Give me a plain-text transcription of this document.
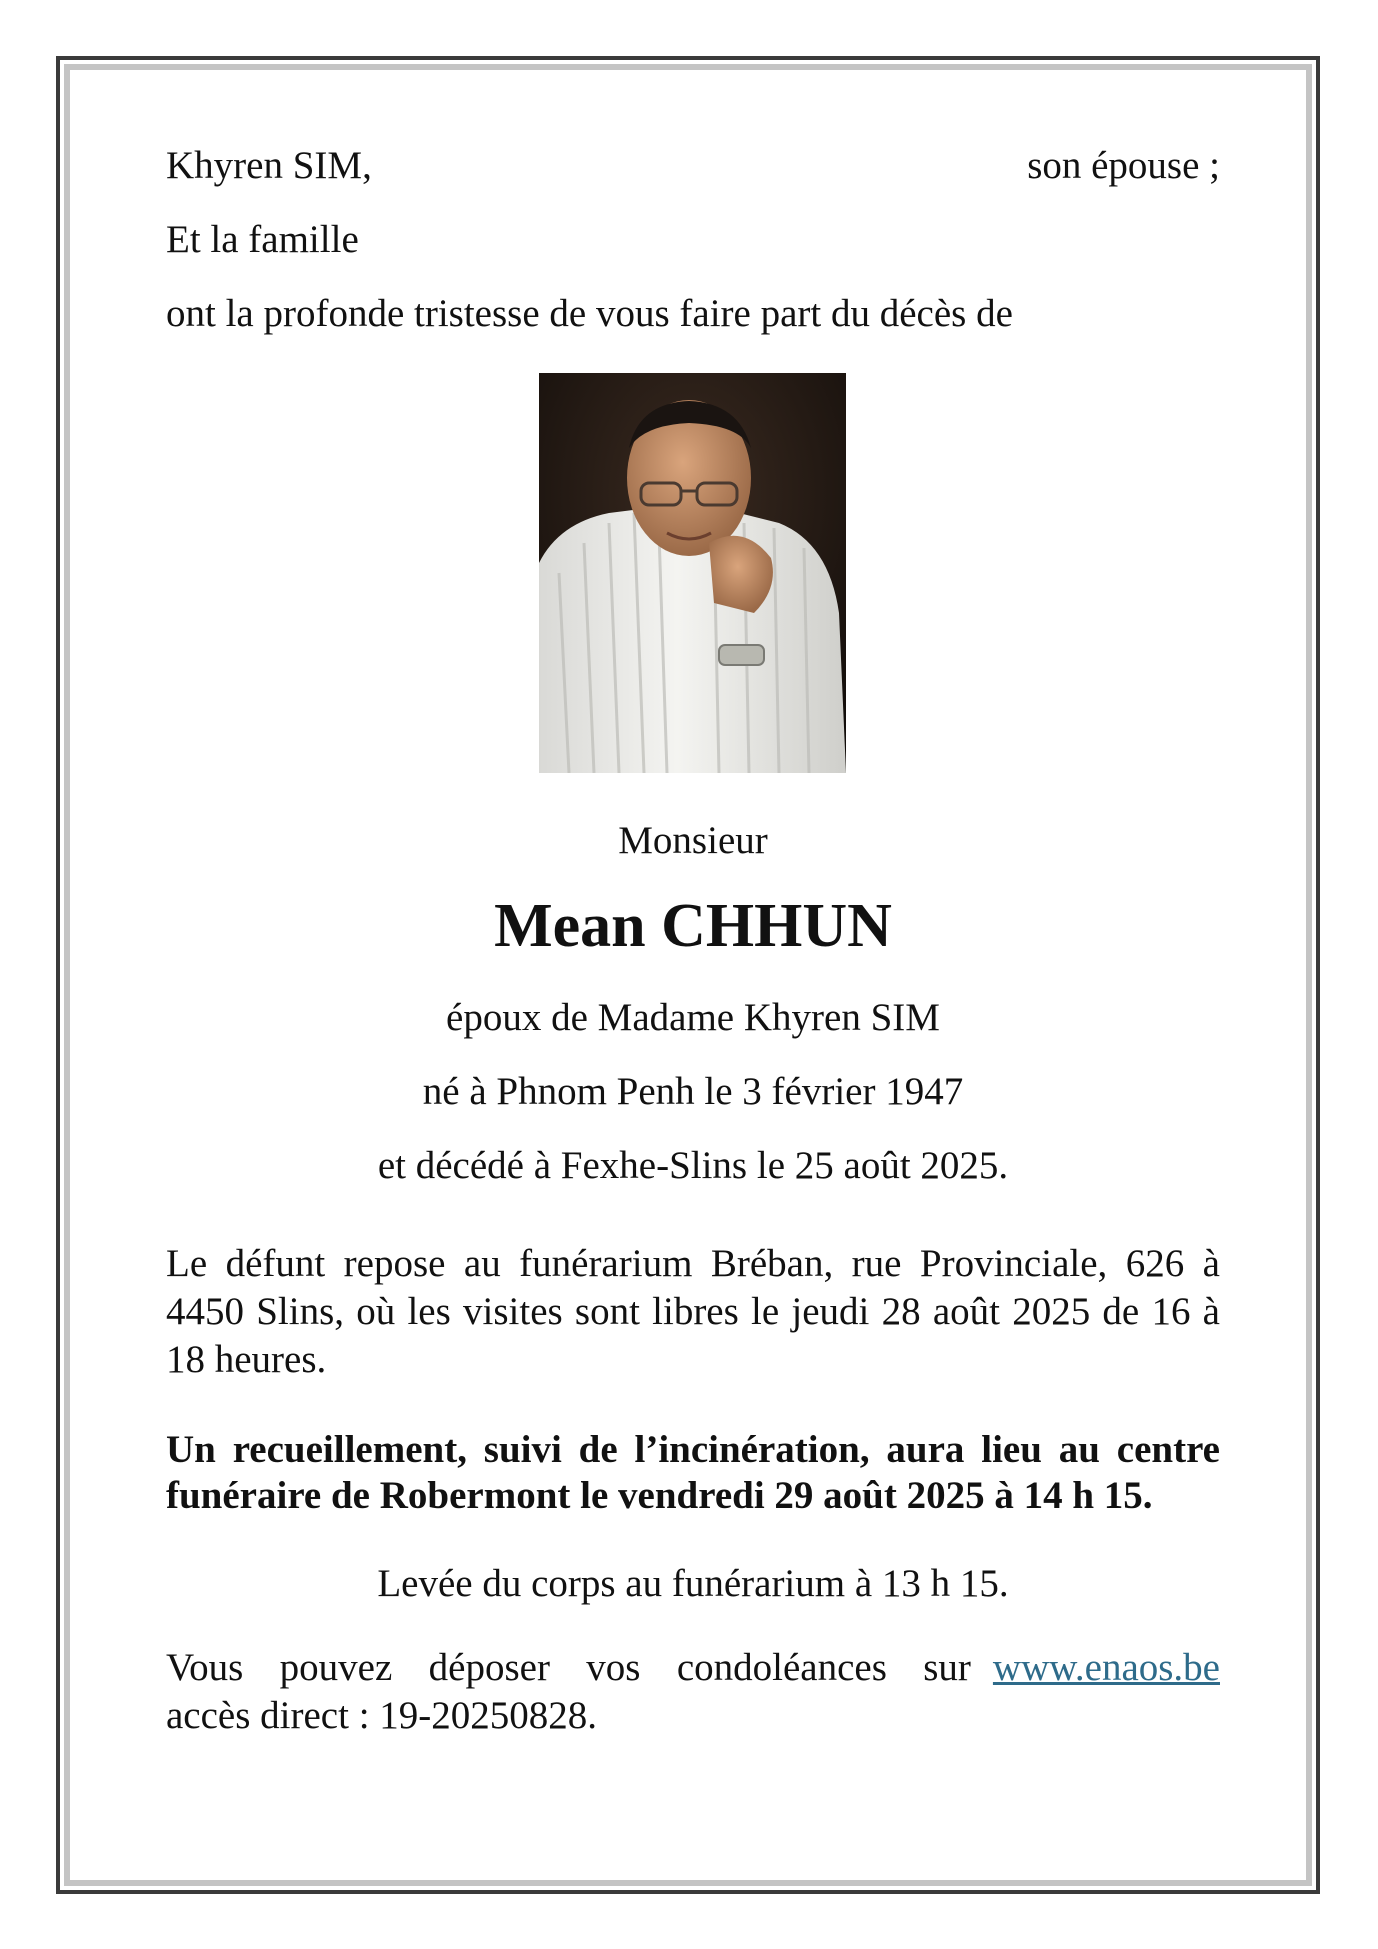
Khyren SIM,	son épouse ;
Et la famille
ont la profonde tristesse de vous faire part du décès de
Monsieur
Mean CHHUN
époux de Madame Khyren SIM
né à Phnom Penh le 3 février 1947
et décédé à Fexhe-Slins le 25 août 2025.
Le défunt repose au funérarium Bréban, rue Provinciale, 626 à 4450 Slins, où les visites sont libres le jeudi 28 août 2025 de 16 à 18 heures.
Un recueillement, suivi de l’incinération, aura lieu au centre funéraire de Robermont le vendredi 29 août 2025 à 14 h 15.
Levée du corps au funérarium à 13 h 15.
Vous pouvez déposer vos condoléances sur www.enaos.be
accès direct : 19-20250828.
